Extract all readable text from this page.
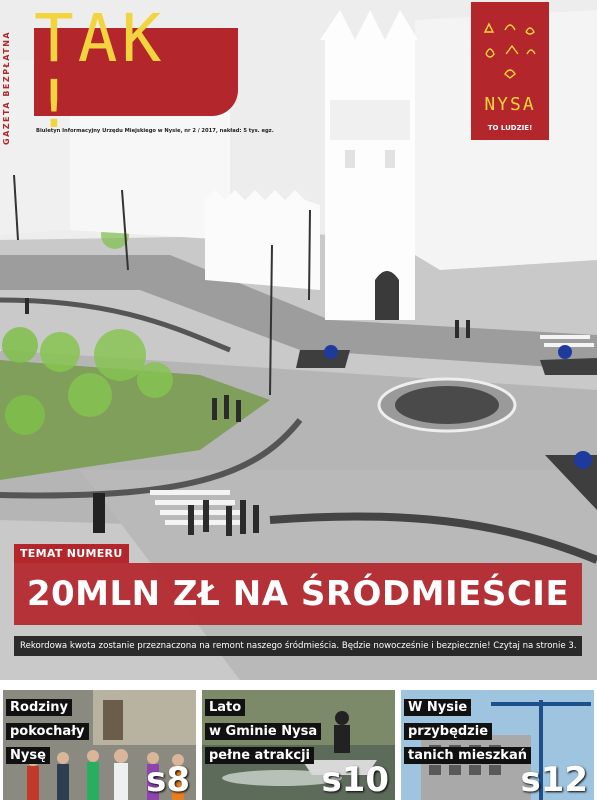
GAZETA BEZPŁATNA TAK !
Biuletyn Informacyjny Urzędu Miejskiego w Nysie, nr 2 / 2017, nakład: 5 tys. egz.
NYSA
TO LUDZIE!
TEMAT NUMERU
20MLN ZŁ NA ŚRÓDMIEŚCIE
Rekordowa kwota zostanie przeznaczona na remont naszego śródmieścia. Będzie nowocześnie i bezpiecznie! Czytaj na stronie 3.
Rodziny
pokochały
Nysę
s8
Lato
w Gminie Nysa
pełne atrakcji
s10
W Nysie
przybędzie
tanich mieszkań
s12
